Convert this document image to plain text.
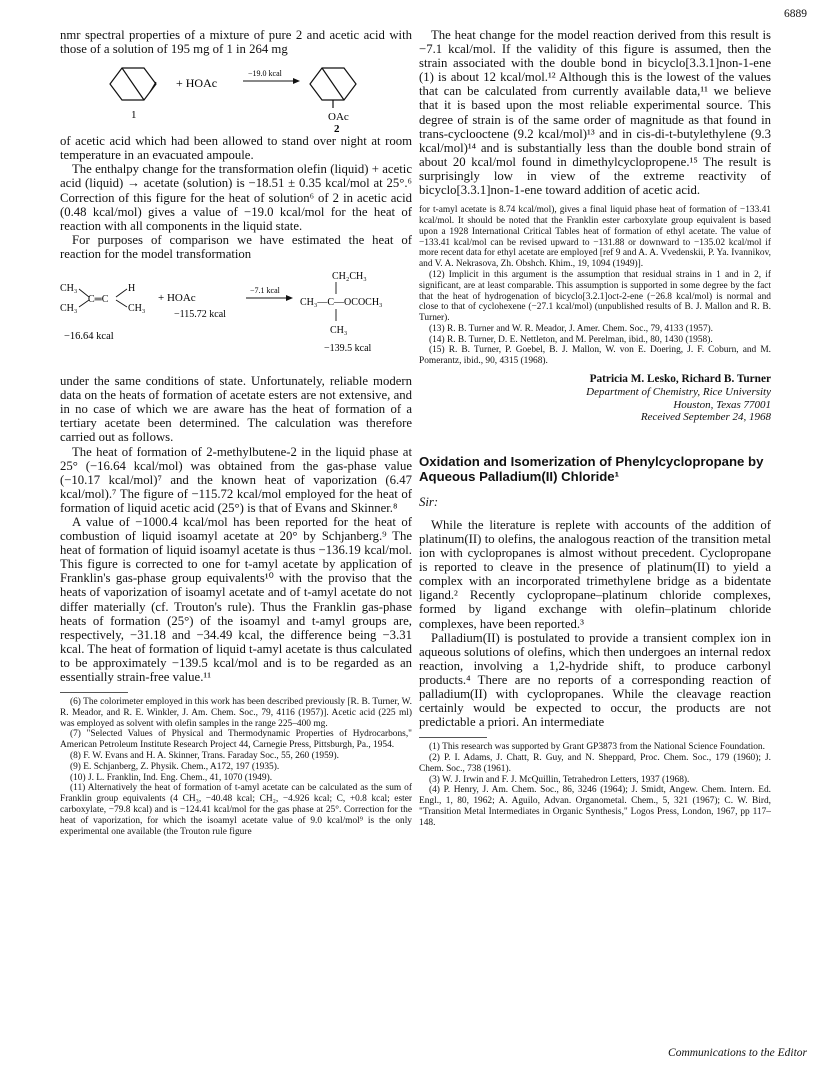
6889

nmr spectral properties of a mixture of pure 2 and acetic acid with those of a solution of 195 mg of 1 in 264 mg

1	OAc
2
+ HOAc
−19.0 kcal

of acetic acid which had been allowed to stand over night at room temperature in an evacuated ampoule.

The enthalpy change for the transformation olefin (liquid) + acetic acid (liquid) → acetate (solution) is −18.51 ± 0.35 kcal/mol at 25°.⁶ Correction of this figure for the heat of solution⁶ of 2 in acetic acid (0.48 kcal/mol) gives a value of −19.0 kcal/mol for the heat of reaction with all components in the liquid state.

For purposes of comparison we have estimated the heat of reaction for the model transformation

CH₃
CH₃
H
CH₃
C═C	+ HOAc
−115.72 kcal
−7.1 kcal
−16.64 kcal
CH₂CH₃
CH₃—C—OCOCH₃
CH₃
−139.5 kcal

under the same conditions of state. Unfortunately, reliable modern data on the heats of formation of acetate esters are not extensive, and in no case of which we are aware has the heat of formation of a tertiary acetate been determined. The calculation was therefore carried out as follows.

The heat of formation of 2-methylbutene-2 in the liquid phase at 25° (−16.64 kcal/mol) was obtained from the gas-phase value (−10.17 kcal/mol)⁷ and the known heat of vaporization (6.47 kcal/mol).⁷ The figure of −115.72 kcal/mol employed for the heat of formation of liquid acetic acid (25°) is that of Evans and Skinner.⁸

A value of −1000.4 kcal/mol has been reported for the heat of combustion of liquid isoamyl acetate at 20° by Schjanberg.⁹ The heat of formation of liquid isoamyl acetate is thus −136.19 kcal/mol. This figure is corrected to one for t-amyl acetate by application of Franklin's gas-phase group equivalents¹⁰ with the proviso that the heats of vaporization of isoamyl acetate and of t-amyl acetate do not differ materially (cf. Trouton's rule). Thus the Franklin gas-phase heats of formation (25°) of the isoamyl and t-amyl groups are, respectively, −31.18 and −34.49 kcal, the difference being −3.31 kcal. The heat of formation of liquid t-amyl acetate is thus calculated to be approximately −139.5 kcal/mol and is to be regarded as an essentially strain-free value.¹¹

(6) The colorimeter employed in this work has been described previously [R. B. Turner, W. R. Meador, and R. E. Winkler, J. Am. Chem. Soc., 79, 4116 (1957)]. Acetic acid (225 ml) was employed as solvent with olefin samples in the range 225–400 mg.

(7) "Selected Values of Physical and Thermodynamic Properties of Hydrocarbons," American Petroleum Institute Research Project 44, Carnegie Press, Pittsburgh, Pa., 1954.

(8) F. W. Evans and H. A. Skinner, Trans. Faraday Soc., 55, 260 (1959).

(9) E. Schjanberg, Z. Physik. Chem., A172, 197 (1935).

(10) J. L. Franklin, Ind. Eng. Chem., 41, 1070 (1949).

(11) Alternatively the heat of formation of t-amyl acetate can be calculated as the sum of Franklin group equivalents (4 CH₃, −40.48 kcal; CH₂, −4.926 kcal; C, +0.8 kcal; ester carboxylate, −79.8 kcal) and is −124.41 kcal/mol for the gas phase at 25°. Correction for the heat of vaporization, for which the isoamyl acetate value of 9.0 kcal/mol⁹ is the only experimental one available (the Trouton rule figure

The heat change for the model reaction derived from this result is −7.1 kcal/mol. If the validity of this figure is assumed, then the strain associated with the double bond in bicyclo[3.3.1]non-1-ene (1) is about 12 kcal/mol.¹² Although this is the lowest of the values that can be calculated from currently available data,¹¹ we believe that it is based upon the most reliable experimental source. This degree of strain is of the same order of magnitude as that found in trans-cyclooctene (9.2 kcal/mol)¹³ and in cis-di-t-butylethylene (9.3 kcal/mol)¹⁴ and is substantially less than the double bond strain of about 20 kcal/mol found in dimethylcyclopropene.¹⁵ The result is surprisingly low in view of the extreme reactivity of bicyclo[3.3.1]non-1-ene toward addition of acetic acid.

for t-amyl acetate is 8.74 kcal/mol), gives a final liquid phase heat of formation of −133.41 kcal/mol. It should be noted that the Franklin ester carboxylate group equivalent is based upon a 1928 International Critical Tables heat of formation of ethyl acetate. The value of −133.41 kcal/mol can be revised upward to −131.88 or downward to −135.02 kcal/mol if more recent data for ethyl acetate are employed [ref 9 and A. A. Vvedenskii, P. Ya. Ivannikov, and V. A. Nekrasova, Zh. Obshch. Khim., 19, 1094 (1949)].

(12) Implicit in this argument is the assumption that residual strains in 1 and in 2, if significant, are at least comparable. This assumption is supported in some degree by the fact that the heat of hydrogenation of bicyclo[3.2.1]oct-2-ene (−26.8 kcal/mol) is normal and close to that of cyclohexene (−27.1 kcal/mol) (unpublished results of B. J. Mallon and R. B. Turner).

(13) R. B. Turner and W. R. Meador, J. Amer. Chem. Soc., 79, 4133 (1957).

(14) R. B. Turner, D. E. Nettleton, and M. Perelman, ibid., 80, 1430 (1958).

(15) R. B. Turner, P. Goebel, B. J. Mallon, W. von E. Doering, J. F. Coburn, and M. Pomerantz, ibid., 90, 4315 (1968).

Patricia M. Lesko, Richard B. Turner

Department of Chemistry, Rice University

Houston, Texas 77001

Received September 24, 1968

Oxidation and Isomerization of Phenylcyclopropane by Aqueous Palladium(II) Chloride¹
Sir:

While the literature is replete with accounts of the addition of platinum(II) to olefins, the analogous reaction of the transition metal ion with cyclopropanes is almost without precedent. Cyclopropane is reported to cleave in the presence of platinum(II) to yield a complex with an incorporated trimethylene bridge as a bidentate ligand.² Recently cyclopropane–platinum chloride complexes, formed by ligand exchange with olefin–platinum chloride complexes, have been reported.³

Palladium(II) is postulated to provide a transient complex ion in aqueous solutions of olefins, which then undergoes an internal redox reaction, involving a 1,2-hydride shift, to produce carbonyl products.⁴ There are no reports of a corresponding reaction of palladium(II) with cyclopropanes. While the cleavage reaction certainly would be expected to occur, the products are not predictable a priori. An intermediate

(1) This research was supported by Grant GP3873 from the National Science Foundation.

(2) P. I. Adams, J. Chatt, R. Guy, and N. Sheppard, Proc. Chem. Soc., 179 (1960); J. Chem. Soc., 738 (1961).

(3) W. J. Irwin and F. J. McQuillin, Tetrahedron Letters, 1937 (1968).

(4) P. Henry, J. Am. Chem. Soc., 86, 3246 (1964); J. Smidt, Angew. Chem. Intern. Ed. Engl., 1, 80, 1962; A. Aguilo, Advan. Organometal. Chem., 5, 321 (1967); C. W. Bird, "Transition Metal Intermediates in Organic Synthesis," Logos Press, London, 1967, pp 117–148.

Communications to the Editor
